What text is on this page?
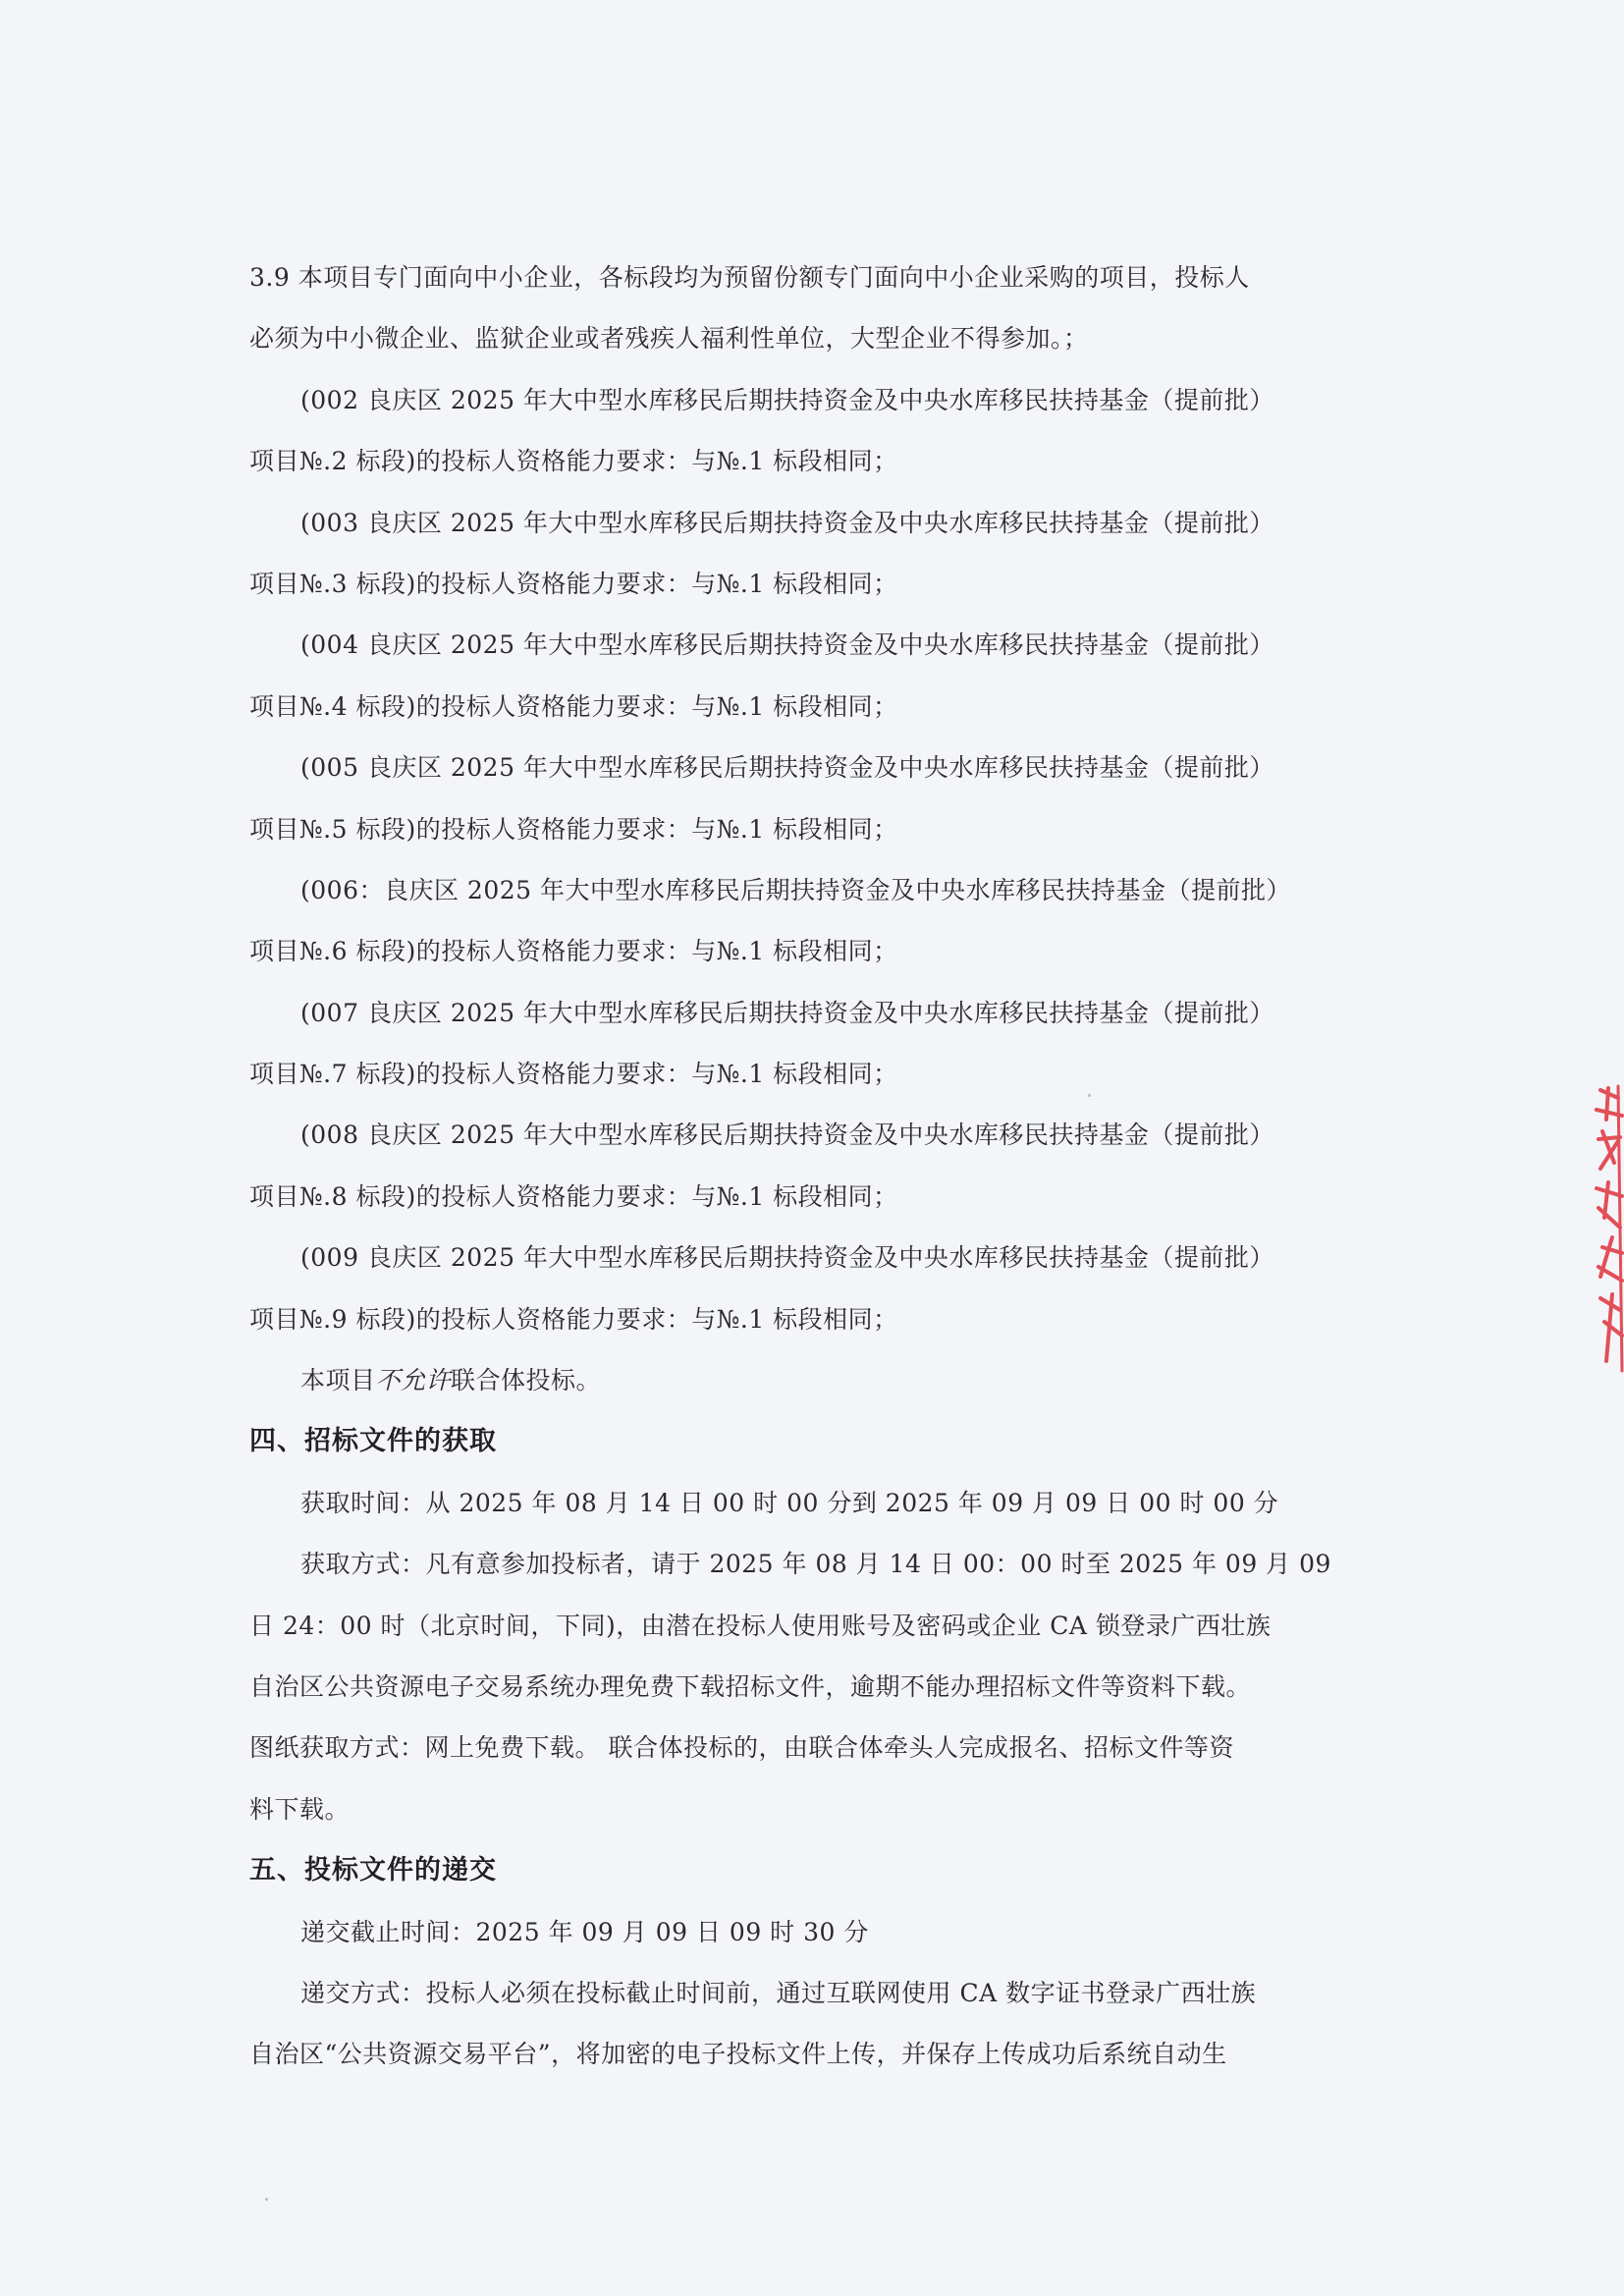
3.9 本项目专门面向中小企业，各标段均为预留份额专门面向中小企业采购的项目，投标人
必须为中小微企业、监狱企业或者残疾人福利性单位，大型企业不得参加。；
(002 良庆区 2025 年大中型水库移民后期扶持资金及中央水库移民扶持基金（提前批）
项目№.2 标段)的投标人资格能力要求：与№.1 标段相同；
(003 良庆区 2025 年大中型水库移民后期扶持资金及中央水库移民扶持基金（提前批）
项目№.3 标段)的投标人资格能力要求：与№.1 标段相同；
(004 良庆区 2025 年大中型水库移民后期扶持资金及中央水库移民扶持基金（提前批）
项目№.4 标段)的投标人资格能力要求：与№.1 标段相同；
(005 良庆区 2025 年大中型水库移民后期扶持资金及中央水库移民扶持基金（提前批）
项目№.5 标段)的投标人资格能力要求：与№.1 标段相同；
(006：良庆区 2025 年大中型水库移民后期扶持资金及中央水库移民扶持基金（提前批）
项目№.6 标段)的投标人资格能力要求：与№.1 标段相同；
(007 良庆区 2025 年大中型水库移民后期扶持资金及中央水库移民扶持基金（提前批）
项目№.7 标段)的投标人资格能力要求：与№.1 标段相同；
(008 良庆区 2025 年大中型水库移民后期扶持资金及中央水库移民扶持基金（提前批）
项目№.8 标段)的投标人资格能力要求：与№.1 标段相同；
(009 良庆区 2025 年大中型水库移民后期扶持资金及中央水库移民扶持基金（提前批）
项目№.9 标段)的投标人资格能力要求：与№.1 标段相同；
本项目不允许联合体投标。
四、招标文件的获取
获取时间：从 2025 年 08 月 14 日 00 时 00 分到 2025 年 09 月 09 日 00 时 00 分
获取方式：凡有意参加投标者，请于 2025 年 08 月 14 日 00：00 时至 2025 年 09 月 09
日 24：00 时（北京时间，下同)，由潜在投标人使用账号及密码或企业 CA 锁登录广西壮族
自治区公共资源电子交易系统办理免费下载招标文件，逾期不能办理招标文件等资料下载。
图纸获取方式：网上免费下载。 联合体投标的，由联合体牵头人完成报名、招标文件等资
料下载。
五、投标文件的递交
递交截止时间：2025 年 09 月 09 日 09 时 30 分
递交方式：投标人必须在投标截止时间前，通过互联网使用 CA 数字证书登录广西壮族
自治区“公共资源交易平台”，将加密的电子投标文件上传，并保存上传成功后系统自动生
